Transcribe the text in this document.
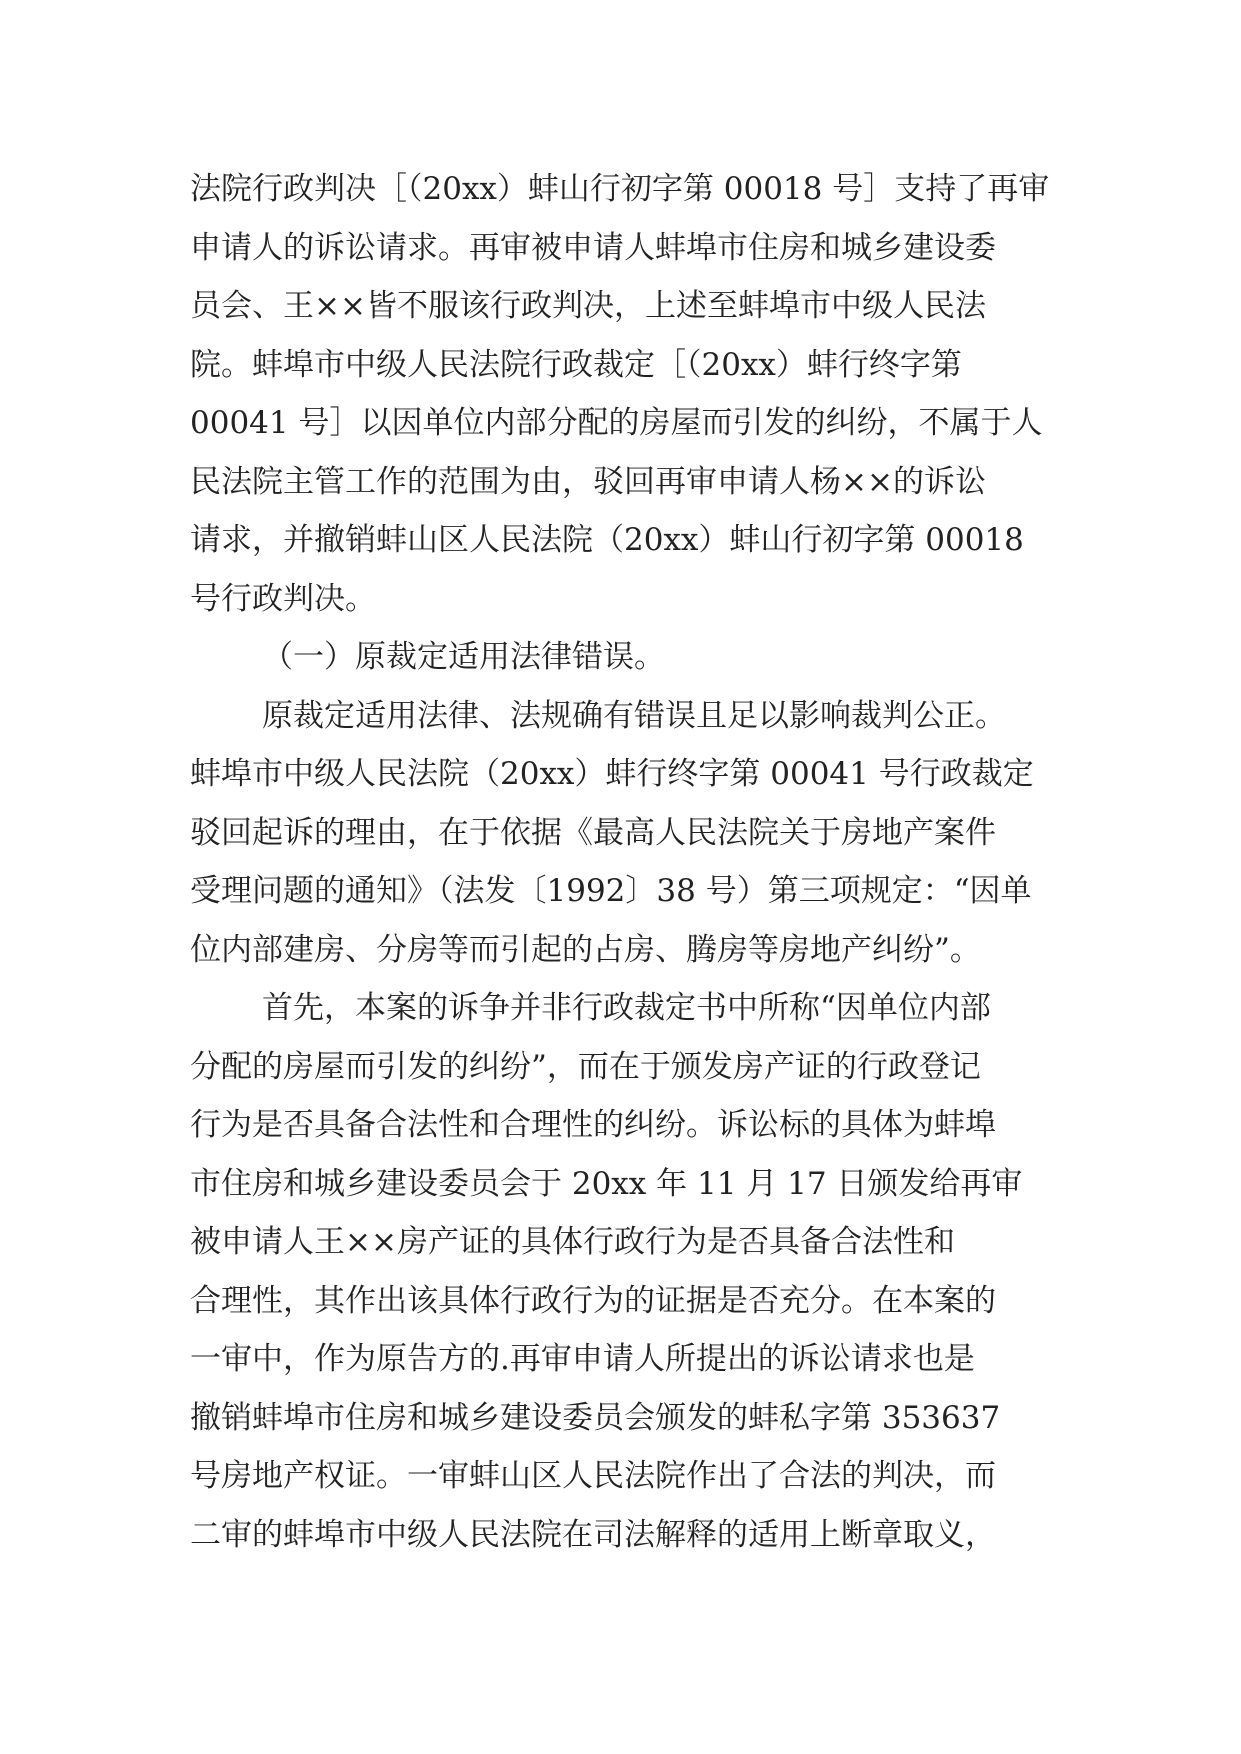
法院行政判决［（20xx）蚌山行初字第 00018 号］支持了再审
申请人的诉讼请求。再审被申请人蚌埠市住房和城乡建设委
员会、王××皆不服该行政判决，上述至蚌埠市中级人民法
院。蚌埠市中级人民法院行政裁定［（20xx）蚌行终字第
00041 号］以因单位内部分配的房屋而引发的纠纷，不属于人
民法院主管工作的范围为由，驳回再审申请人杨××的诉讼
请求，并撤销蚌山区人民法院（20xx）蚌山行初字第 00018
号行政判决。
（一）原裁定适用法律错误。
原裁定适用法律、法规确有错误且足以影响裁判公正。
蚌埠市中级人民法院（20xx）蚌行终字第 00041 号行政裁定
驳回起诉的理由，在于依据《最高人民法院关于房地产案件
受理问题的通知》（法发〔1992〕38 号）第三项规定：“因单
位内部建房、分房等而引起的占房、腾房等房地产纠纷”。
首先，本案的诉争并非行政裁定书中所称“因单位内部
分配的房屋而引发的纠纷”，而在于颁发房产证的行政登记
行为是否具备合法性和合理性的纠纷。诉讼标的具体为蚌埠
市住房和城乡建设委员会于 20xx 年 11 月 17 日颁发给再审
被申请人王××房产证的具体行政行为是否具备合法性和
合理性，其作出该具体行政行为的证据是否充分。在本案的
一审中，作为原告方的.再审申请人所提出的诉讼请求也是
撤销蚌埠市住房和城乡建设委员会颁发的蚌私字第 353637
号房地产权证。一审蚌山区人民法院作出了合法的判决，而
二审的蚌埠市中级人民法院在司法解释的适用上断章取义，
